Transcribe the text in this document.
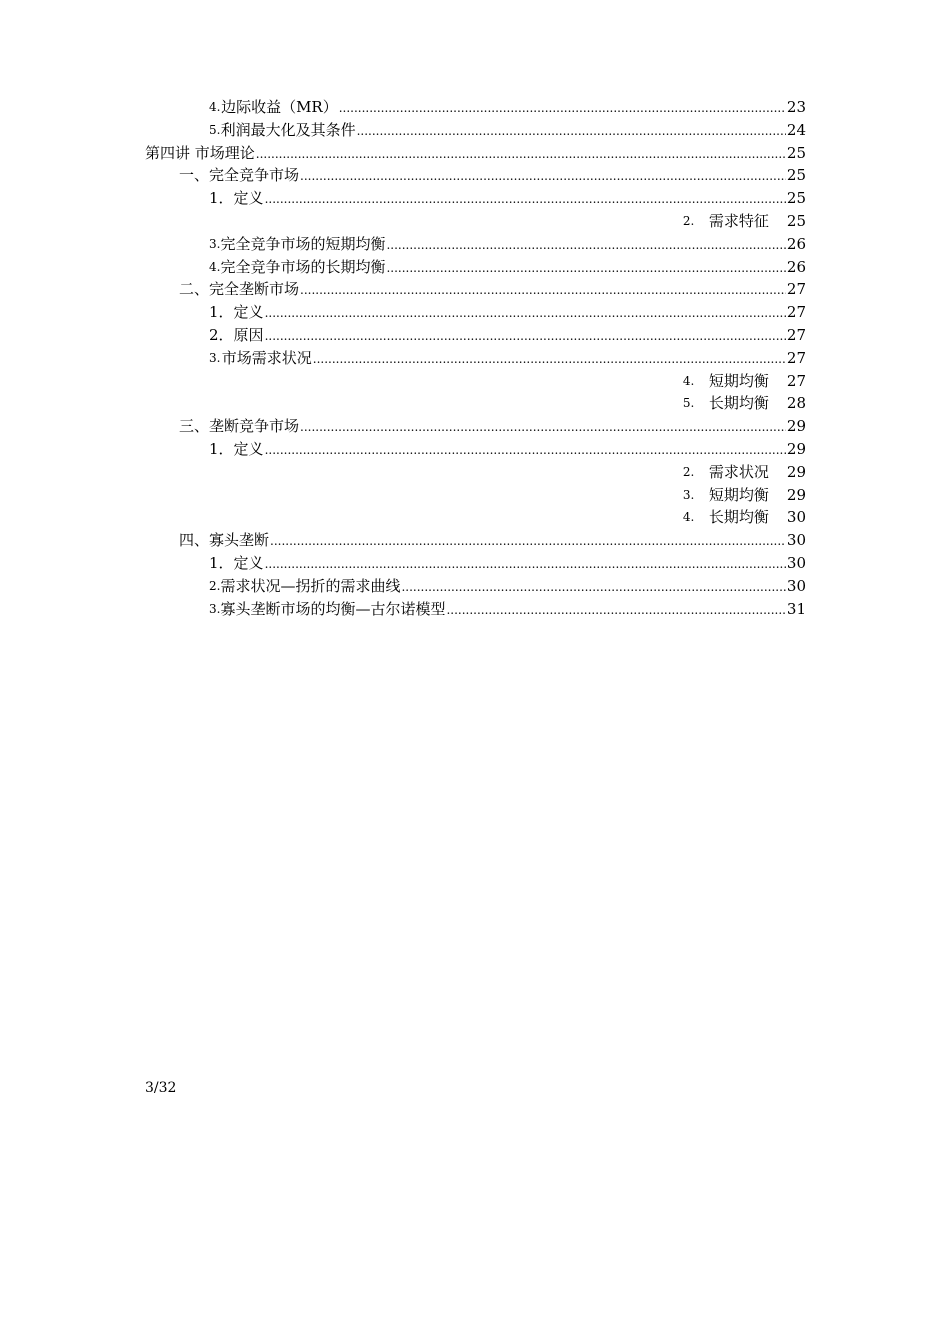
4. 边际收益（MR） .....	23
5. 利润最大化及其条件 .....	24
第四讲 市场理论 .....	25
一、完全竞争市场 .....	25
1． 定义 .....	25
2. 需求特征 25
3. 完全竞争市场的短期均衡 .....	26
4. 完全竞争市场的长期均衡 .....	26
二、完全垄断市场 .....	27
1． 定义 .....	27
2． 原因 .....	27
3. 市场需求状况 .....	27
4. 短期均衡 27
5. 长期均衡 28
三、垄断竞争市场 .....	29
1． 定义 .....	29
2. 需求状况 29
3. 短期均衡 29
4. 长期均衡 30
四、寡头垄断 .....	30
1． 定义 .....	30
2. 需求状况—拐折的需求曲线 .....	30
3. 寡头垄断市场的均衡—古尔诺模型 .....	31
3/32
